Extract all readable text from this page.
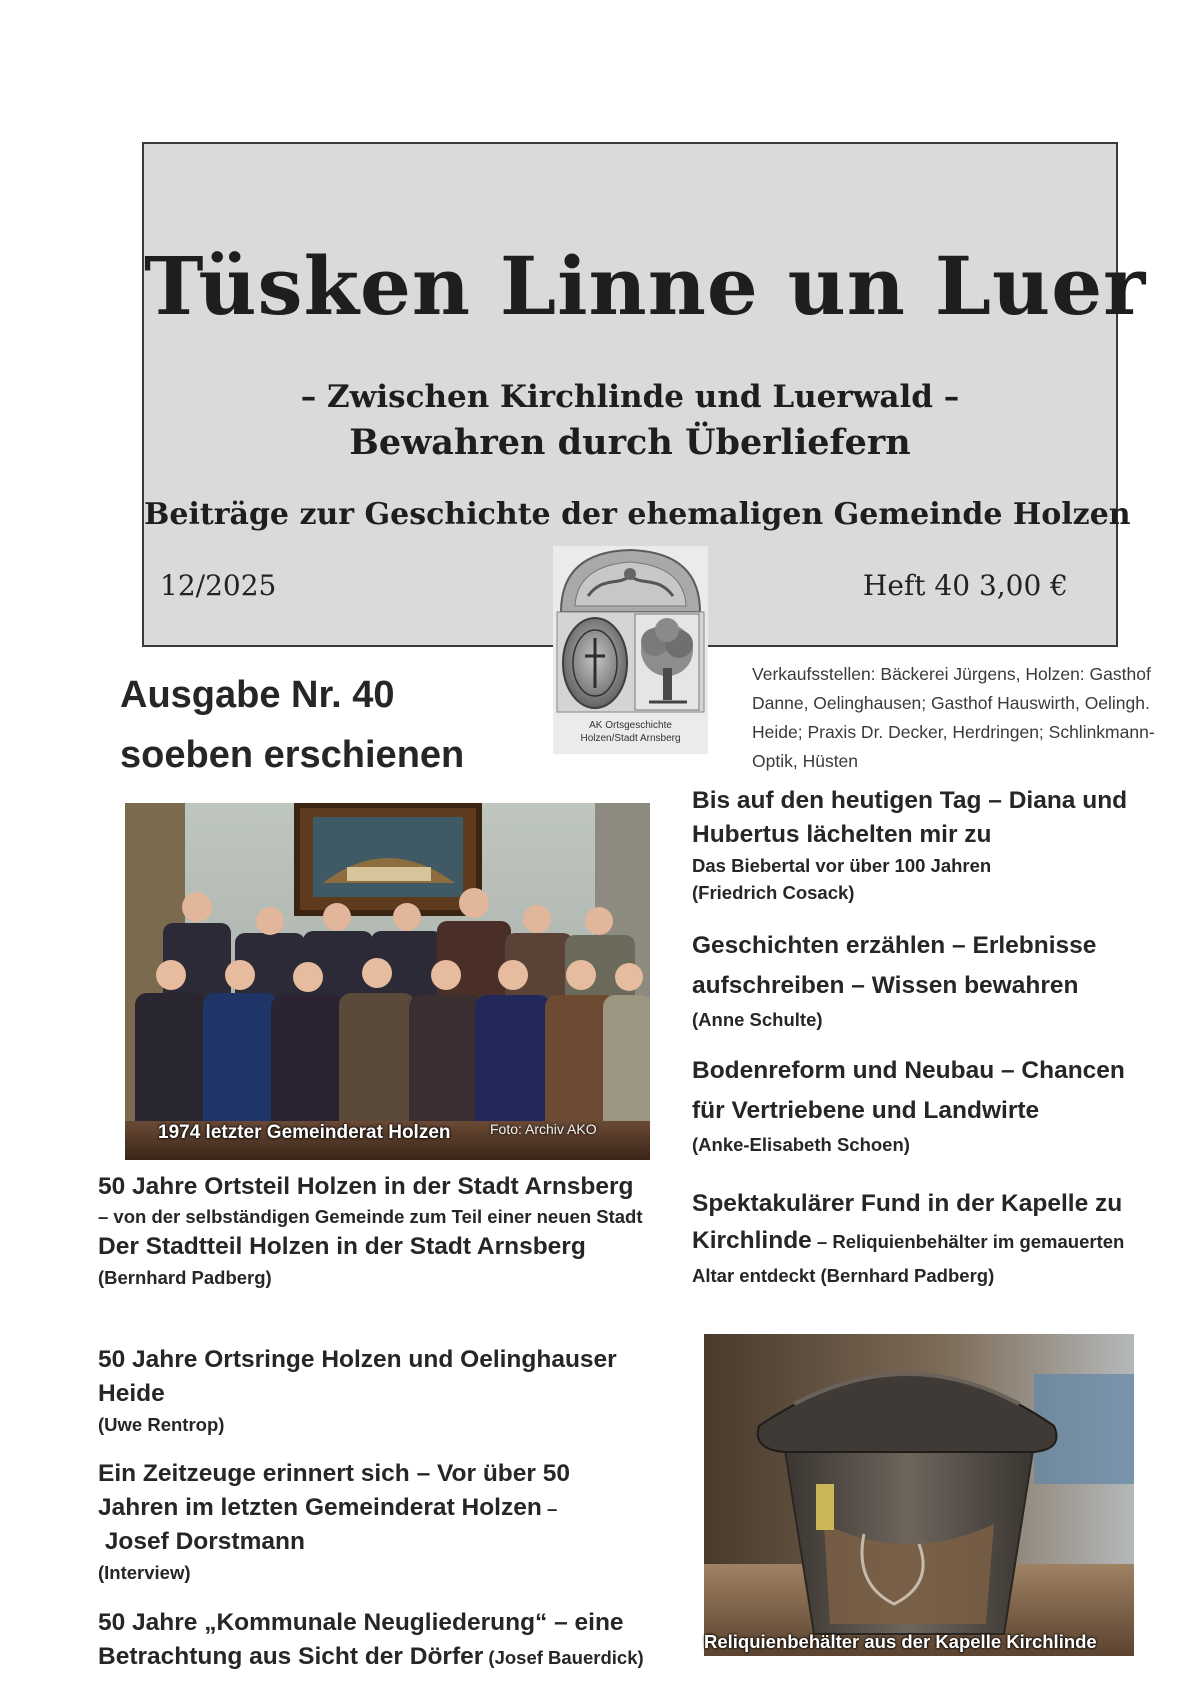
Tüsken Linne un Luer
– Zwischen Kirchlinde und Luerwald –
Bewahren durch Überliefern
Beiträge zur Geschichte der ehemaligen Gemeinde Holzen
12/2025	Heft 40 3,00 €
AK Ortsgeschichte
Holzen/Stadt Arnsberg
Ausgabe Nr. 40
soeben erschienen
Verkaufsstellen: Bäckerei Jürgens, Holzen: Gasthof Danne, Oelinghausen; Gasthof Hauswirth, Oelingh. Heide; Praxis Dr. Decker, Herdringen; Schlinkmann-Optik, Hüsten
1974 letzter Gemeinderat Holzen	Foto: Archiv AKO
Bis auf den heutigen Tag – Diana und Hubertus lächelten mir zu
Das Biebertal vor über 100 Jahren
(Friedrich Cosack)
Geschichten erzählen – Erlebnisse aufschreiben – Wissen bewahren
(Anne Schulte)
Bodenreform und Neubau – Chancen für Vertriebene und Landwirte
(Anke-Elisabeth Schoen)
Spektakulärer Fund in der Kapelle zu
Kirchlinde – Reliquienbehälter im gemauerten Altar entdeckt (Bernhard Padberg)
Reliquienbehälter aus der Kapelle Kirchlinde
50 Jahre Ortsteil Holzen in der Stadt Arnsberg
– von der selbständigen Gemeinde zum Teil einer neuen Stadt
Der Stadtteil Holzen in der Stadt Arnsberg
(Bernhard Padberg)
50 Jahre Ortsringe Holzen und Oelinghauser Heide
(Uwe Rentrop)
Ein Zeitzeuge erinnert sich – Vor über 50
Jahren im letzten Gemeinderat Holzen –
Josef Dorstmann
(Interview)
50 Jahre „Kommunale Neugliederung“ – eine Betrachtung aus Sicht der Dörfer (Josef Bauerdick)
